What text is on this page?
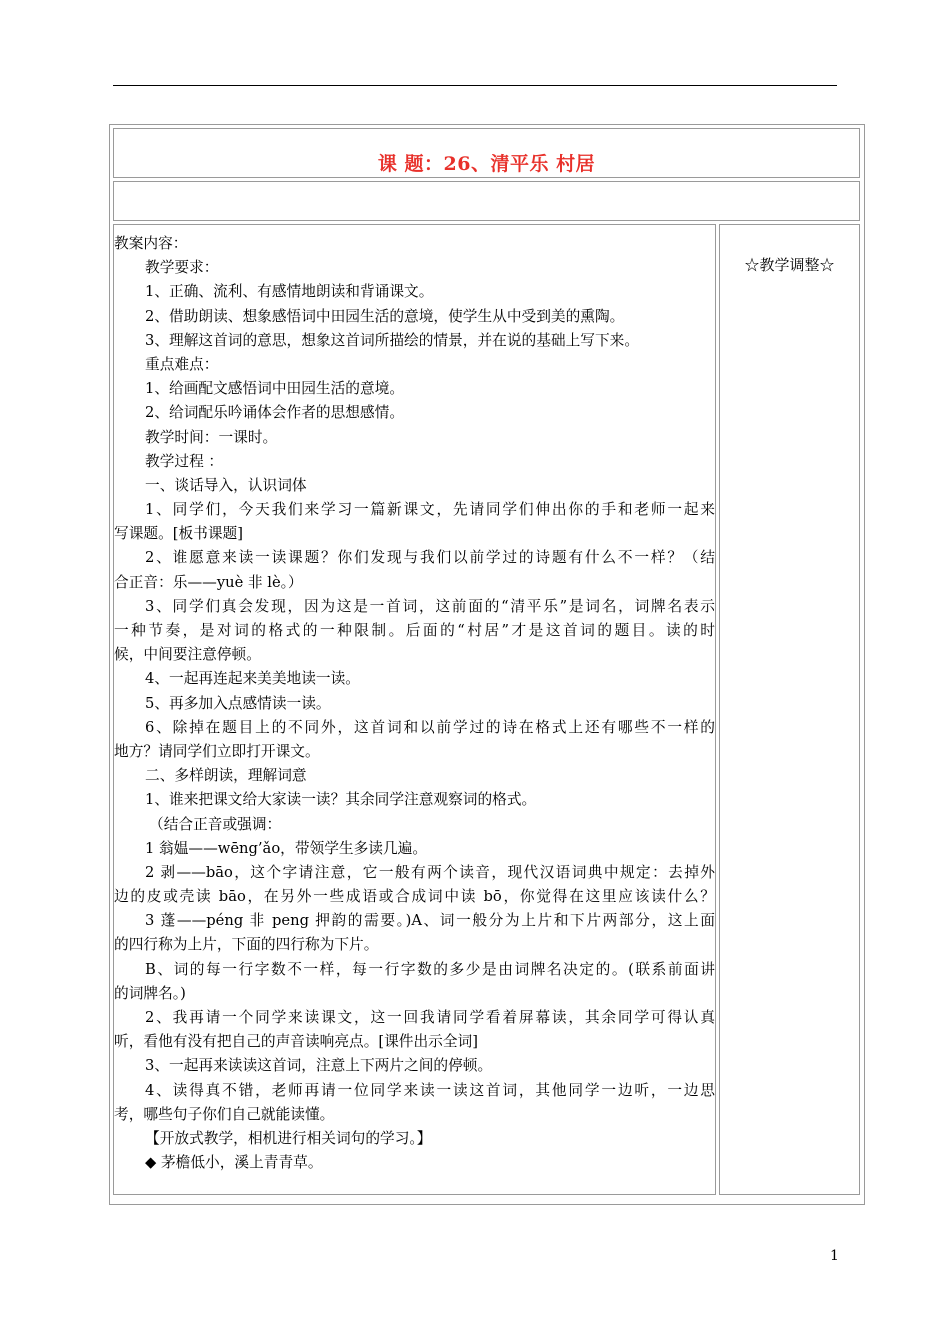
课 题：26、清平乐 村居
教案内容：
教学要求：
1、正确、流利、有感情地朗读和背诵课文。
2、借助朗读、想象感悟词中田园生活的意境，使学生从中受到美的熏陶。
3、理解这首词的意思，想象这首词所描绘的情景，并在说的基础上写下来。
重点难点：
1、给画配文感悟词中田园生活的意境。
2、给词配乐吟诵体会作者的思想感情。
教学时间：一课时。
教学过程 ：
一、谈话导入，认识词体
1、同学们，今天我们来学习一篇新课文，先请同学们伸出你的手和老师一起来
写课题。[板书课题]
2、谁愿意来读一读课题？你们发现与我们以前学过的诗题有什么不一样？（结
合正音：乐——yuè 非 lè。）
3、同学们真会发现，因为这是一首词，这前面的“清平乐”是词名，词牌名表示
一种节奏，是对词的格式的一种限制。后面的“村居”才是这首词的题目。读的时
候，中间要注意停顿。
4、一起再连起来美美地读一读。
5、再多加入点感情读一读。
6、除掉在题目上的不同外，这首词和以前学过的诗在格式上还有哪些不一样的
地方？请同学们立即打开课文。
二、多样朗读，理解词意
1、谁来把课文给大家读一读？其余同学注意观察词的格式。
（结合正音或强调：
1 翁媪——wēng’ǎo，带领学生多读几遍。
2 剥——bāo，这个字请注意，它一般有两个读音，现代汉语词典中规定：去掉外
边的皮或壳读 bāo，在另外一些成语或合成词中读 bō，你觉得在这里应该读什么？
3 蓬——péng 非 peng 押韵的需要。)A、词一般分为上片和下片两部分，这上面
的四行称为上片，下面的四行称为下片。
B、词的每一行字数不一样，每一行字数的多少是由词牌名决定的。(联系前面讲
的词牌名。)
2、我再请一个同学来读课文，这一回我请同学看着屏幕读，其余同学可得认真
听，看他有没有把自己的声音读响亮点。[课件出示全词]
3、一起再来读读这首词，注意上下两片之间的停顿。
4、读得真不错，老师再请一位同学来读一读这首词，其他同学一边听，一边思
考，哪些句子你们自己就能读懂。
【开放式教学，相机进行相关词句的学习。】
◆ 茅檐低小，溪上青青草。
☆教学调整☆
1
